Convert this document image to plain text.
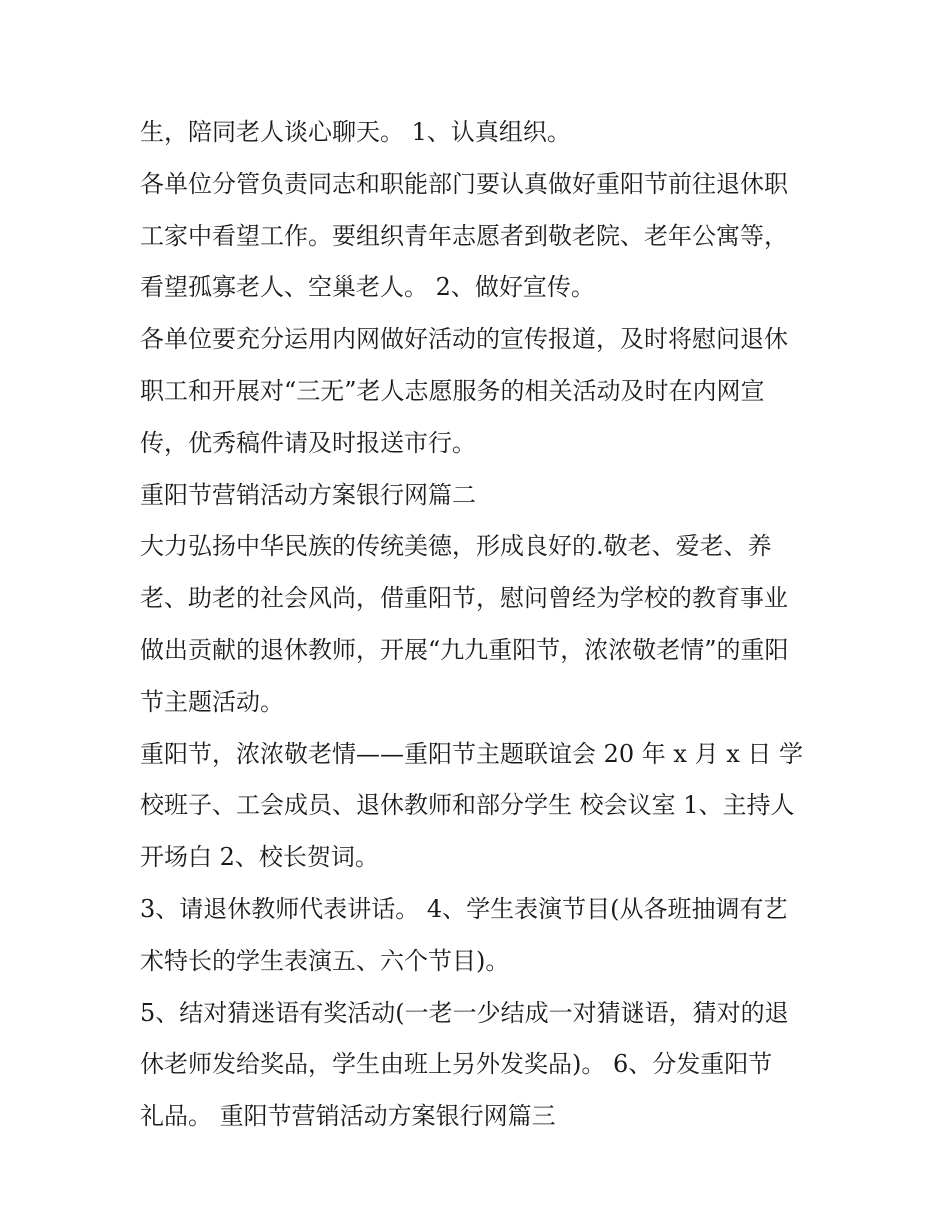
生，陪同老人谈心聊天。 1、认真组织。
各单位分管负责同志和职能部门要认真做好重阳节前往退休职
工家中看望工作。要组织青年志愿者到敬老院、老年公寓等，
看望孤寡老人、空巢老人。 2、做好宣传。
各单位要充分运用内网做好活动的宣传报道，及时将慰问退休
职工和开展对“三无”老人志愿服务的相关活动及时在内网宣
传，优秀稿件请及时报送市行。
重阳节营销活动方案银行网篇二
大力弘扬中华民族的传统美德，形成良好的.敬老、爱老、养
老、助老的社会风尚，借重阳节，慰问曾经为学校的教育事业
做出贡献的退休教师，开展“九九重阳节，浓浓敬老情”的重阳
节主题活动。
重阳节，浓浓敬老情——重阳节主题联谊会 20 年 x 月 x 日 学
校班子、工会成员、退休教师和部分学生 校会议室 1、主持人
开场白 2、校长贺词。
3、请退休教师代表讲话。 4、学生表演节目(从各班抽调有艺
术特长的学生表演五、六个节目)。
5、结对猜迷语有奖活动(一老一少结成一对猜谜语，猜对的退
休老师发给奖品，学生由班上另外发奖品)。 6、分发重阳节
礼品。 重阳节营销活动方案银行网篇三
